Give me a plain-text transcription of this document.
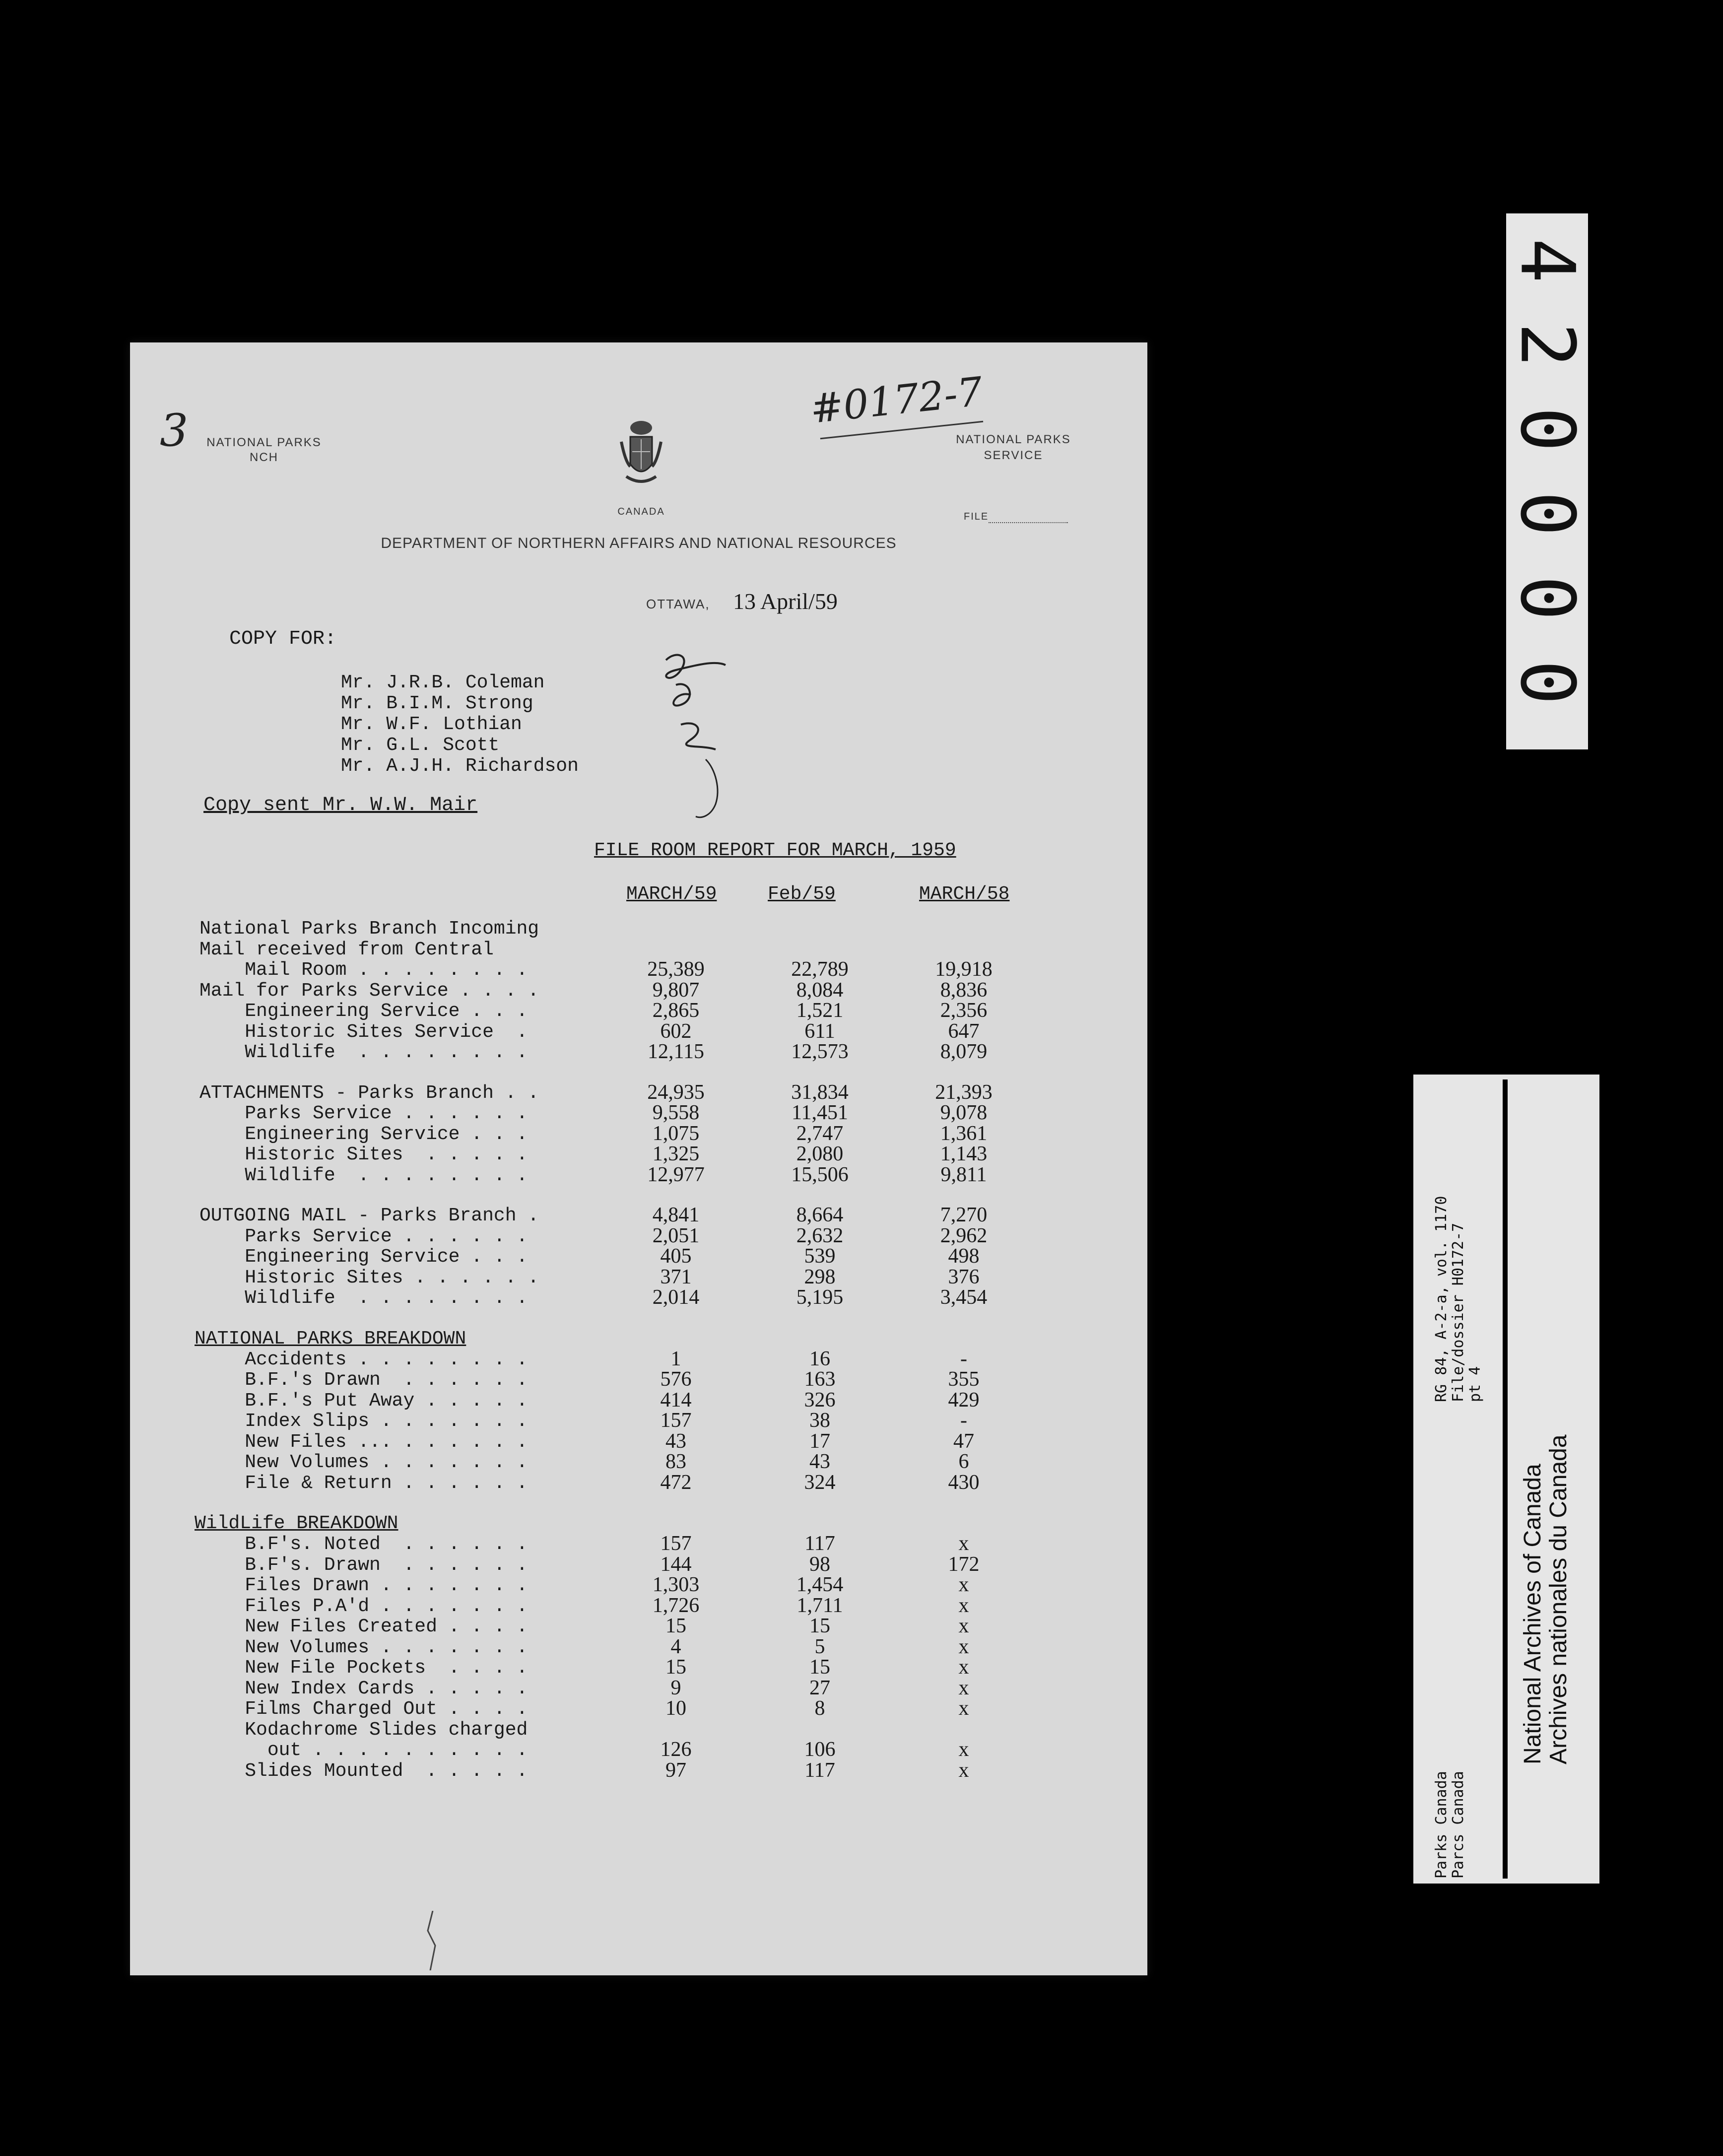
3	NATIONAL PARKS
NCH
CANADA
NATIONAL PARKS
SERVICE
#0172-7
FILE
DEPARTMENT OF NORTHERN AFFAIRS AND NATIONAL RESOURCES
OTTAWA,	13 April/59
COPY FOR:
Mr. J.R.B. Coleman
Mr. B.I.M. Strong
Mr. W.F. Lothian
Mr. G.L. Scott
Mr. A.J.H. Richardson
Copy sent Mr. W.W. Mair
FILE ROOM REPORT FOR MARCH, 1959
MARCH/59	Feb/59	MARCH/58
National Parks Branch Incoming
Mail received from Central
Mail Room . . . . . . . .	25,389	22,789	19,918
Mail for Parks Service . . . .	9,807	8,084	8,836
Engineering Service . . .	2,865	1,521	2,356
Historic Sites Service  .	602	611	647
Wildlife  . . . . . . . .	12,115	12,573	8,079
ATTACHMENTS - Parks Branch . .	24,935	31,834	21,393
Parks Service . . . . . .	9,558	11,451	9,078
Engineering Service . . .	1,075	2,747	1,361
Historic Sites  . . . . .	1,325	2,080	1,143
Wildlife  . . . . . . . .	12,977	15,506	9,811
OUTGOING MAIL - Parks Branch .	4,841	8,664	7,270
Parks Service . . . . . .	2,051	2,632	2,962
Engineering Service . . .	405	539	498
Historic Sites . . . . . .	371	298	376
Wildlife  . . . . . . . .	2,014	5,195	3,454
NATIONAL PARKS BREAKDOWN
Accidents . . . . . . . .	1	16	-
B.F.'s Drawn  . . . . . .	576	163	355
B.F.'s Put Away . . . . .	414	326	429
Index Slips . . . . . . .	157	38	-
New Files ... . . . . . .	43	17	47
New Volumes . . . . . . .	83	43	6
File & Return . . . . . .	472	324	430
WildLife BREAKDOWN
B.F's. Noted  . . . . . .	157	117	x
B.F's. Drawn  . . . . . .	144	98	172
Files Drawn . . . . . . .	1,303	1,454	x
Files P.A'd . . . . . . .	1,726	1,711	x
New Files Created . . . .	15	15	x
New Volumes . . . . . . .	4	5	x
New File Pockets  . . . .	15	15	x
New Index Cards . . . . .	9	27	x
Films Charged Out . . . .	10	8	x
Kodachrome Slides charged
out . . . . . . . . . .	126	106	x
Slides Mounted  . . . . .	97	117	x
4
2
0
0
0
0
RG 84, A-2-a, vol. 1170 File/dossier H0172-7 pt 4
Parks Canada Parcs Canada
National Archives of Canada Archives nationales du Canada
